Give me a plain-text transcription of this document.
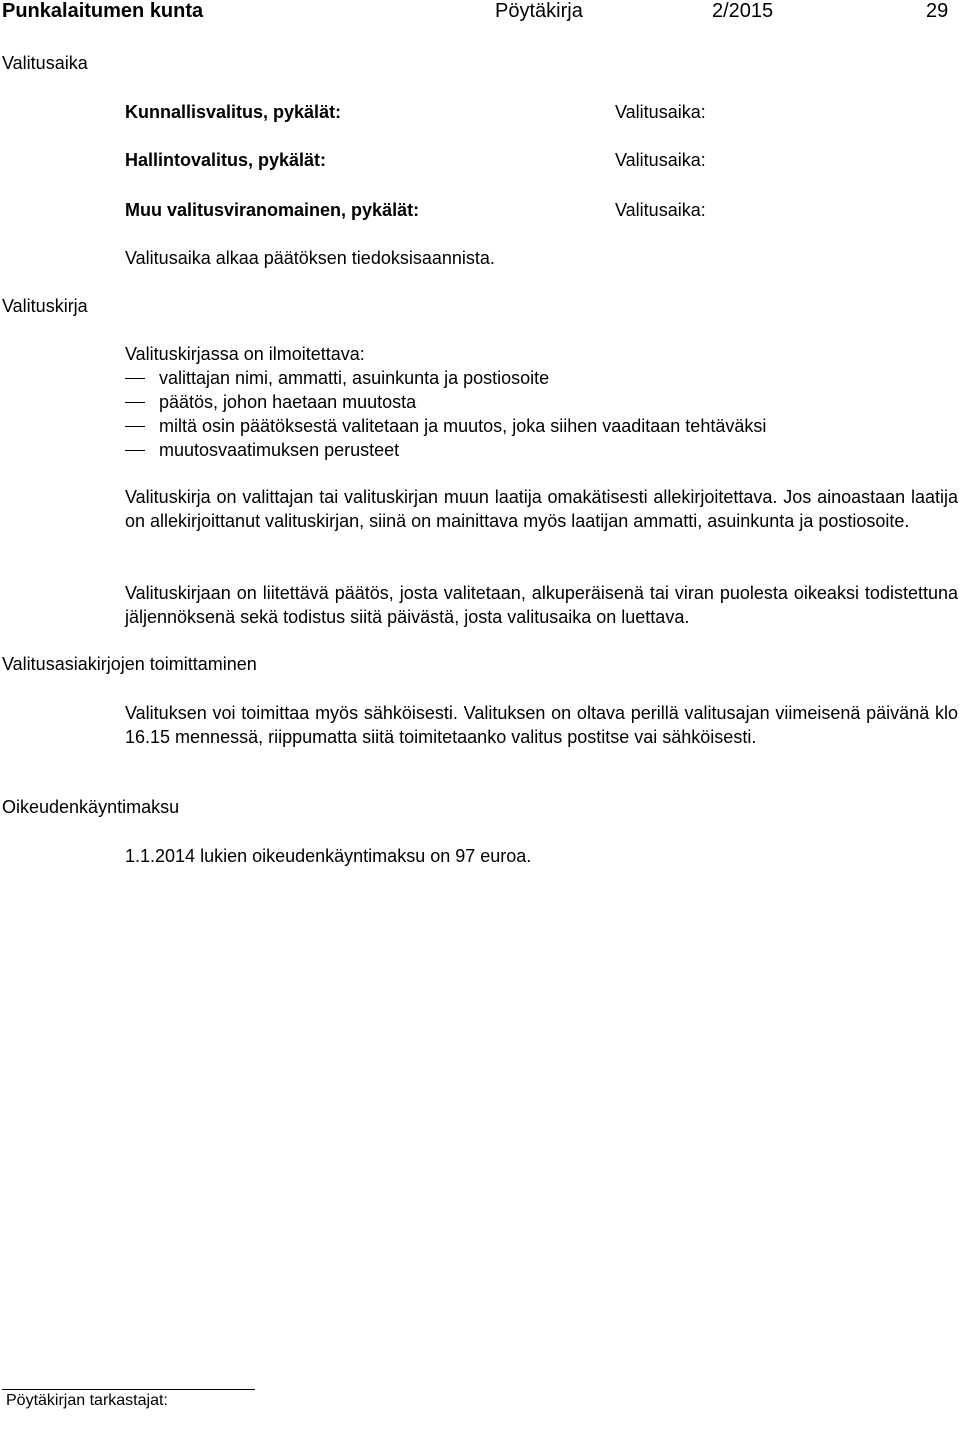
Punkalaitumen kunta	Pöytäkirja	2/2015	29
Valitusaika
Kunnallisvalitus, pykälät:	Valitusaika:
Hallintovalitus, pykälät:	Valitusaika:
Muu valitusviranomainen, pykälät:	Valitusaika:
Valitusaika alkaa päätöksen tiedoksisaannista.
Valituskirja
Valituskirjassa on ilmoitettava:
valittajan nimi, ammatti, asuinkunta ja postiosoite
päätös, johon haetaan muutosta
miltä osin päätöksestä valitetaan ja muutos, joka siihen vaaditaan tehtäväksi
muutosvaatimuksen perusteet
Valituskirja on valittajan tai valituskirjan muun laatija omakätisesti allekirjoitettava. Jos ainoastaan laatija on allekirjoittanut valituskirjan, siinä on mainittava myös laatijan ammatti, asuinkunta ja postiosoite.
Valituskirjaan on liitettävä päätös, josta valitetaan, alkuperäisenä tai viran puolesta oikeaksi todistettuna jäljennöksenä sekä todistus siitä päivästä, josta valitusaika on luettava.
Valitusasiakirjojen toimittaminen
Valituksen voi toimittaa myös sähköisesti. Valituksen on oltava perillä valitusajan viimeisenä päivänä klo 16.15 mennessä, riippumatta siitä toimitetaanko valitus postitse vai sähköisesti.
Oikeudenkäyntimaksu
1.1.2014 lukien oikeudenkäyntimaksu on 97 euroa.
Pöytäkirjan tarkastajat:
